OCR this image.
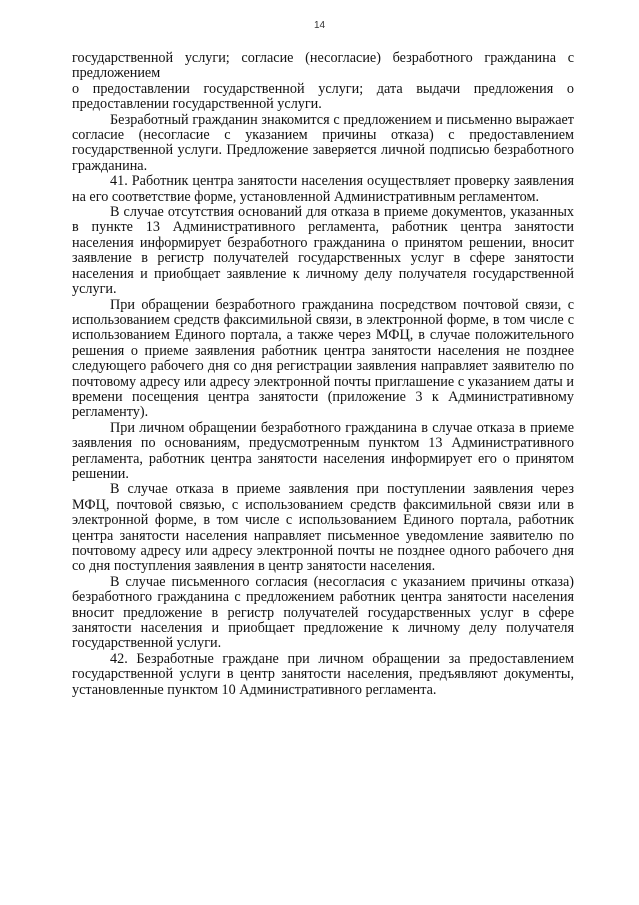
14

государственной услуги; согласие (несогласие) безработного гражданина с предложением

о предоставлении государственной услуги; дата выдачи предложения о предоставлении государственной услуги.

Безработный гражданин знакомится с предложением и письменно выражает согласие (несогласие с указанием причины отказа) с предоставлением государственной услуги. Предложение заверяется личной подписью безработного гражданина.

41. Работник центра занятости населения осуществляет проверку заявления на его соответствие форме, установленной Административным регламентом.

В случае отсутствия оснований для отказа в приеме документов, указанных в пункте 13 Административного регламента, работник центра занятости населения информирует безработного гражданина о принятом решении, вносит заявление в регистр получателей государственных услуг в сфере занятости населения и приобщает заявление к личному делу получателя государственной услуги.

При обращении безработного гражданина посредством почтовой связи, с использованием средств факсимильной связи, в электронной форме, в том числе с использованием Единого портала, а также через МФЦ, в случае положительного решения о приеме заявления работник центра занятости населения не позднее следующего рабочего дня со дня регистрации заявления направляет заявителю по почтовому адресу или адресу электронной почты приглашение с указанием даты и времени посещения центра занятости (приложение 3 к Административному регламенту).

При личном обращении безработного гражданина в случае отказа в приеме заявления по основаниям, предусмотренным пунктом 13 Административного регламента, работник центра занятости населения информирует его о принятом решении.

В случае отказа в приеме заявления при поступлении заявления через МФЦ, почтовой связью, с использованием средств факсимильной связи или в электронной форме, в том числе с использованием Единого портала, работник центра занятости населения направляет письменное уведомление заявителю по почтовому адресу или адресу электронной почты не позднее одного рабочего дня со дня поступления заявления в центр занятости населения.

В случае письменного согласия (несогласия с указанием причины отказа) безработного гражданина с предложением работник центра занятости населения вносит предложение в регистр получателей государственных услуг в сфере занятости населения и приобщает предложение к личному делу получателя государственной услуги.

42. Безработные граждане при личном обращении за предоставлением государственной услуги в центр занятости населения, предъявляют документы, установленные пунктом 10 Административного регламента.
